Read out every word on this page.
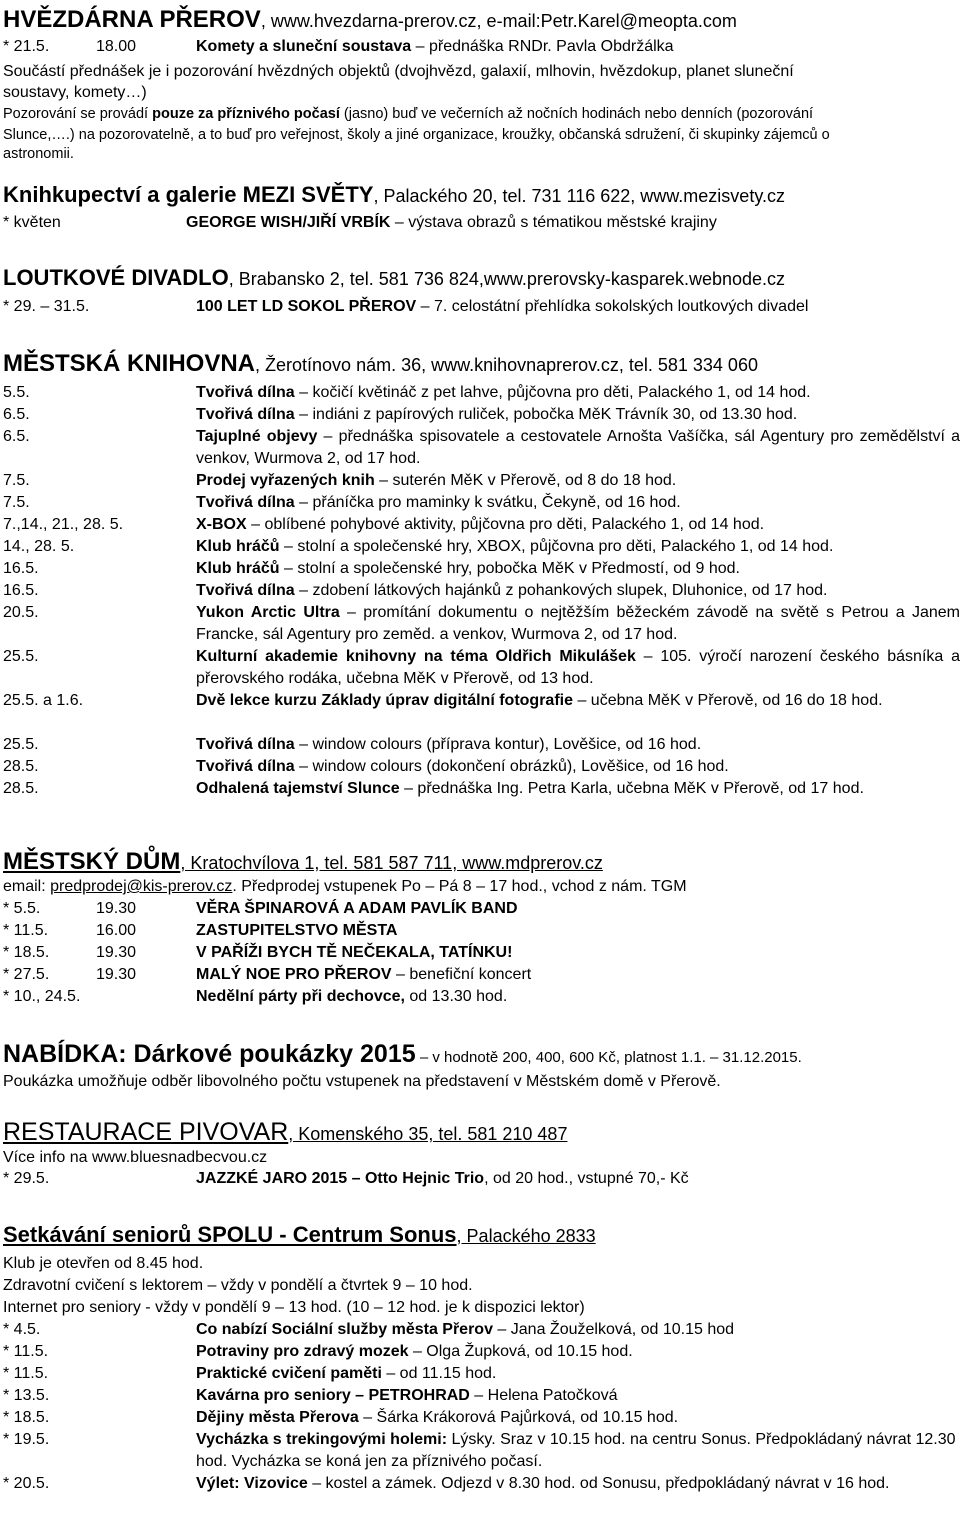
HVĚZDÁRNA PŘEROV, www.hvezdarna-prerov.cz, e-mail:Petr.Karel@meopta.com
* 21.5.	18.00	Komety a sluneční soustava – přednáška RNDr. Pavla Obdržálka
Součástí přednášek je i pozorování hvězdných objektů (dvojhvězd, galaxií, mlhovin, hvězdokup, planet sluneční
soustavy, komety…)
Pozorování se provádí pouze za příznivého počasí (jasno) buď ve večerních až nočních hodinách nebo denních (pozorování
Slunce,….) na pozorovatelně, a to buď pro veřejnost, školy a jiné organizace, kroužky, občanská sdružení, či skupinky zájemců o
astronomii.
Knihkupectví a galerie MEZI SVĚTY, Palackého 20, tel. 731 116 622, www.mezisvety.cz
* květen	GEORGE WISH/JIŘÍ VRBÍK – výstava obrazů s tématikou městské krajiny
LOUTKOVÉ DIVADLO, Brabansko 2, tel. 581 736 824,www.prerovsky-kasparek.webnode.cz
* 29. – 31.5.	100 LET LD SOKOL PŘEROV – 7. celostátní přehlídka sokolských loutkových divadel
MĚSTSKÁ KNIHOVNA, Žerotínovo nám. 36, www.knihovnaprerov.cz, tel. 581 334 060
5.5.	Tvořivá dílna – kočičí květináč z pet lahve, půjčovna pro děti, Palackého 1, od 14 hod.
6.5.	Tvořivá dílna – indiáni z papírových ruliček, pobočka MěK Trávník 30, od 13.30 hod.
6.5.	Tajuplné objevy – přednáška spisovatele a cestovatele Arnošta Vašíčka, sál Agentury pro zemědělství a venkov, Wurmova 2, od 17 hod.
7.5.	Prodej vyřazených knih – suterén MěK v Přerově, od 8 do 18 hod.
7.5.	Tvořivá dílna – přáníčka pro maminky k svátku, Čekyně, od 16 hod.
7.,14., 21., 28. 5.	X-BOX – oblíbené pohybové aktivity, půjčovna pro děti, Palackého 1, od 14 hod.
14., 28. 5.	Klub hráčů – stolní a společenské hry, XBOX, půjčovna pro děti, Palackého 1, od 14 hod.
16.5.	Klub hráčů – stolní a společenské hry, pobočka MěK v Předmostí, od 9 hod.
16.5.	Tvořivá dílna – zdobení látkových hajánků z pohankových slupek, Dluhonice, od 17 hod.
20.5.	Yukon Arctic Ultra – promítání dokumentu o nejtěžším běžeckém závodě na světě s Petrou a Janem Francke, sál Agentury pro zeměd. a venkov, Wurmova 2, od 17 hod.
25.5.	Kulturní akademie knihovny na téma Oldřich Mikulášek – 105. výročí narození českého básníka a přerovského rodáka, učebna MěK v Přerově, od 13 hod.
25.5. a 1.6.	Dvě lekce kurzu Základy úprav digitální fotografie – učebna MěK v Přerově, od 16 do 18 hod.
25.5.	Tvořivá dílna – window colours (příprava kontur), Lověšice, od 16 hod.
28.5.	Tvořivá dílna – window colours (dokončení obrázků), Lověšice, od 16 hod.
28.5.	Odhalená tajemství Slunce – přednáška Ing. Petra Karla, učebna MěK v Přerově, od 17 hod.
MĚSTSKÝ DŮM, Kratochvílova 1, tel. 581 587 711, www.mdprerov.cz
email: predprodej@kis-prerov.cz. Předprodej vstupenek Po – Pá 8 – 17 hod., vchod z nám. TGM
* 5.5.	19.30	VĚRA ŠPINAROVÁ A ADAM PAVLÍK BAND
* 11.5.	16.00	ZASTUPITELSTVO MĚSTA
* 18.5.	19.30	V PAŘÍŽI BYCH TĚ NEČEKALA, TATÍNKU!
* 27.5.	19.30	MALÝ NOE PRO PŘEROV – benefiční koncert
* 10., 24.5.	Nedělní párty při dechovce, od 13.30 hod.
NABÍDKA: Dárkové poukázky 2015 – v hodnotě 200, 400, 600 Kč, platnost 1.1. – 31.12.2015.
Poukázka umožňuje odběr libovolného počtu vstupenek na představení v Městském domě v Přerově.
RESTAURACE PIVOVAR, Komenského 35, tel. 581 210 487
Více info na www.bluesnadbecvou.cz
* 29.5.	JAZZKÉ JARO 2015 – Otto Hejnic Trio, od 20 hod., vstupné 70,- Kč
Setkávání seniorů SPOLU - Centrum Sonus, Palackého 2833
Klub je otevřen od 8.45 hod.
Zdravotní cvičení s lektorem – vždy v pondělí a čtvrtek 9 – 10 hod.
Internet pro seniory - vždy v pondělí 9 – 13 hod. (10 – 12 hod. je k dispozici lektor)
* 4.5.	Co nabízí Sociální služby města Přerov – Jana Žouželková, od 10.15 hod
* 11.5.	Potraviny pro zdravý mozek – Olga Župková, od 10.15 hod.
* 11.5.	Praktické cvičení paměti – od 11.15 hod.
* 13.5.	Kavárna pro seniory – PETROHRAD – Helena Patočková
* 18.5.	Dějiny města Přerova – Šárka Krákorová Pajůrková, od 10.15 hod.
* 19.5.	Vycházka s trekingovými holemi: Lýsky. Sraz v 10.15 hod. na centru Sonus. Předpokládaný návrat 12.30 hod. Vycházka se koná jen za příznivého počasí.
* 20.5.	Výlet: Vizovice – kostel a zámek. Odjezd v 8.30 hod. od Sonusu, předpokládaný návrat v 16 hod.
